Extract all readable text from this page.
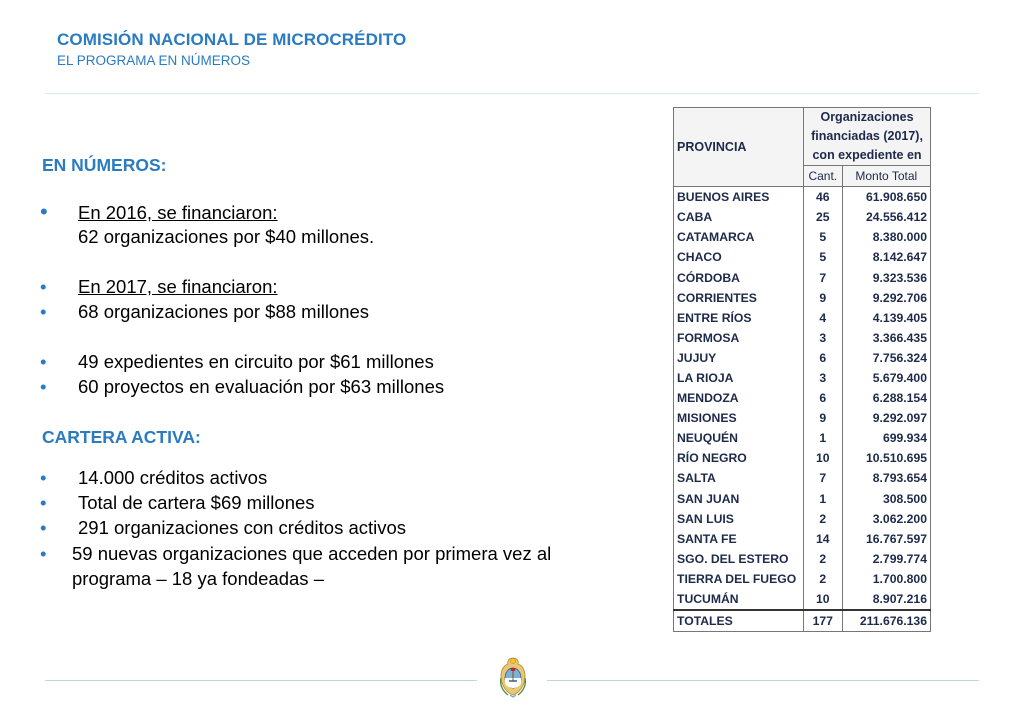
COMISIÓN NACIONAL DE MICROCRÉDITO
EL PROGRAMA EN NÚMEROS
EN NÚMEROS:
• En 2016, se financiaron:
62 organizaciones por $40 millones.
• En 2017, se financiaron:
• 68 organizaciones por $88 millones
• 49 expedientes en circuito por $61 millones
• 60 proyectos en evaluación por $63 millones
CARTERA ACTIVA:
• 14.000 créditos activos
• Total de cartera $69 millones
• 291 organizaciones con créditos activos
• 59 nuevas organizaciones que acceden por primera vez al
programa – 18 ya fondeadas –
PROVINCIA	Organizaciones
financiadas (2017),
con expediente en	

	Cant.	Monto Total
BUENOS AIRES	46	61.908.650
CABA	25	24.556.412
CATAMARCA	5	8.380.000
CHACO	5	8.142.647
CÓRDOBA	7	9.323.536
CORRIENTES	9	9.292.706
ENTRE RÍOS	4	4.139.405
FORMOSA	3	3.366.435
JUJUY	6	7.756.324
LA RIOJA	3	5.679.400
MENDOZA	6	6.288.154
MISIONES	9	9.292.097
NEUQUÉN	1	699.934
RÍO NEGRO	10	10.510.695
SALTA	7	8.793.654
SAN JUAN	1	308.500
SAN LUIS	2	3.062.200
SANTA FE	14	16.767.597
SGO. DEL ESTERO	2	2.799.774
TIERRA DEL FUEGO	2	1.700.800
TUCUMÁN	10	8.907.216
TOTALES	177	211.676.136
